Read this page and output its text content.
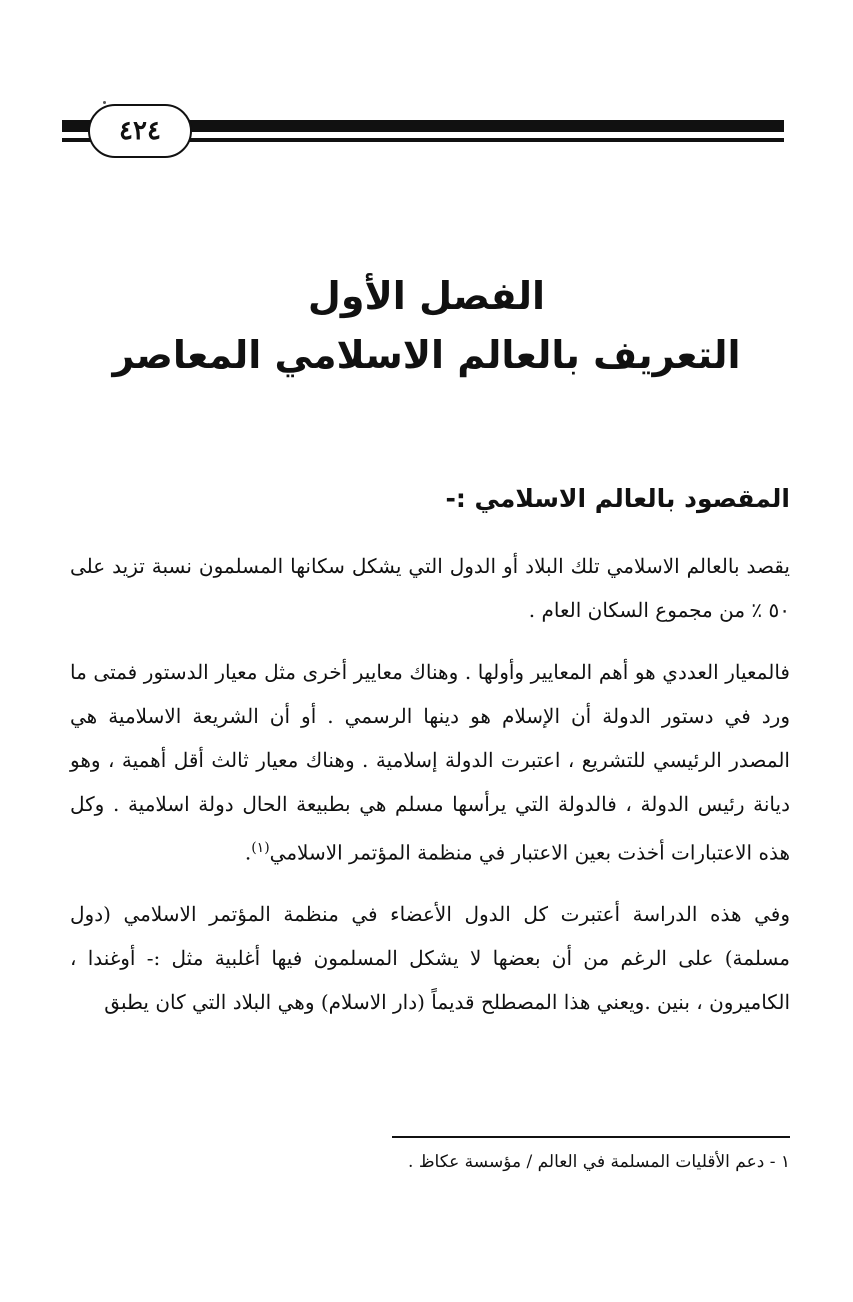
٤٢٤
الفصل الأول
التعريف بالعالم الاسلامي المعاصر
المقصود بالعالم الاسلامي :-

يقصد بالعالم الاسلامي تلك البلاد أو الدول التي يشكل سكانها المسلمون نسبة تزيد على ٥٠ ٪ من مجموع السكان العام .

فالمعيار العددي هو أهم المعايير وأولها . وهناك معايير أخرى مثل معيار الدستور فمتى ما ورد في دستور الدولة أن الإسلام هو دينها الرسمي . أو أن الشريعة الاسلامية هي المصدر الرئيسي للتشريع ، اعتبرت الدولة إسلامية . وهناك معيار ثالث أقل أهمية ، وهو ديانة رئيس الدولة ، فالدولة التي يرأسها مسلم هي بطبيعة الحال دولة اسلامية . وكل هذه الاعتبارات أخذت بعين الاعتبار في منظمة المؤتمر الاسلامي$^{(١)}$.

وفي هذه الدراسة أعتبرت كل الدول الأعضاء في منظمة المؤتمر الاسلامي (دول مسلمة) على الرغم من أن بعضها لا يشكل المسلمون فيها أغلبية مثل :- أوغندا ، الكاميرون ، بنين .ويعني هذا المصطلح قديماً (دار الاسلام) وهي البلاد التي كان يطبق

١ - دعم الأقليات المسلمة في العالم / مؤسسة عكاظ .
